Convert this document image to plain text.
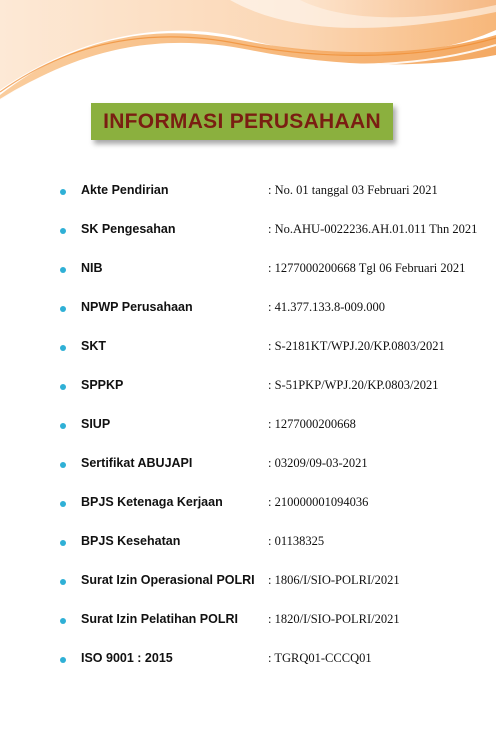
INFORMASI PERUSAHAAN
Akte Pendirian	: No. 01 tanggal 03 Februari 2021
SK Pengesahan	: No.AHU-0022236.AH.01.011 Thn 2021
NIB	: 1277000200668 Tgl 06 Februari 2021
NPWP Perusahaan	: 41.377.133.8-009.000
SKT	: S-2181KT/WPJ.20/KP.0803/2021
SPPKP	: S-51PKP/WPJ.20/KP.0803/2021
SIUP	: 1277000200668
Sertifikat ABUJAPI	: 03209/09-03-2021
BPJS Ketenaga Kerjaan	: 210000001094036
BPJS Kesehatan	: 01138325
Surat Izin Operasional POLRI : 1806/I/SIO-POLRI/2021
Surat Izin Pelatihan POLRI : 1820/I/SIO-POLRI/2021
ISO 9001 : 2015	: TGRQ01-CCCQ01
